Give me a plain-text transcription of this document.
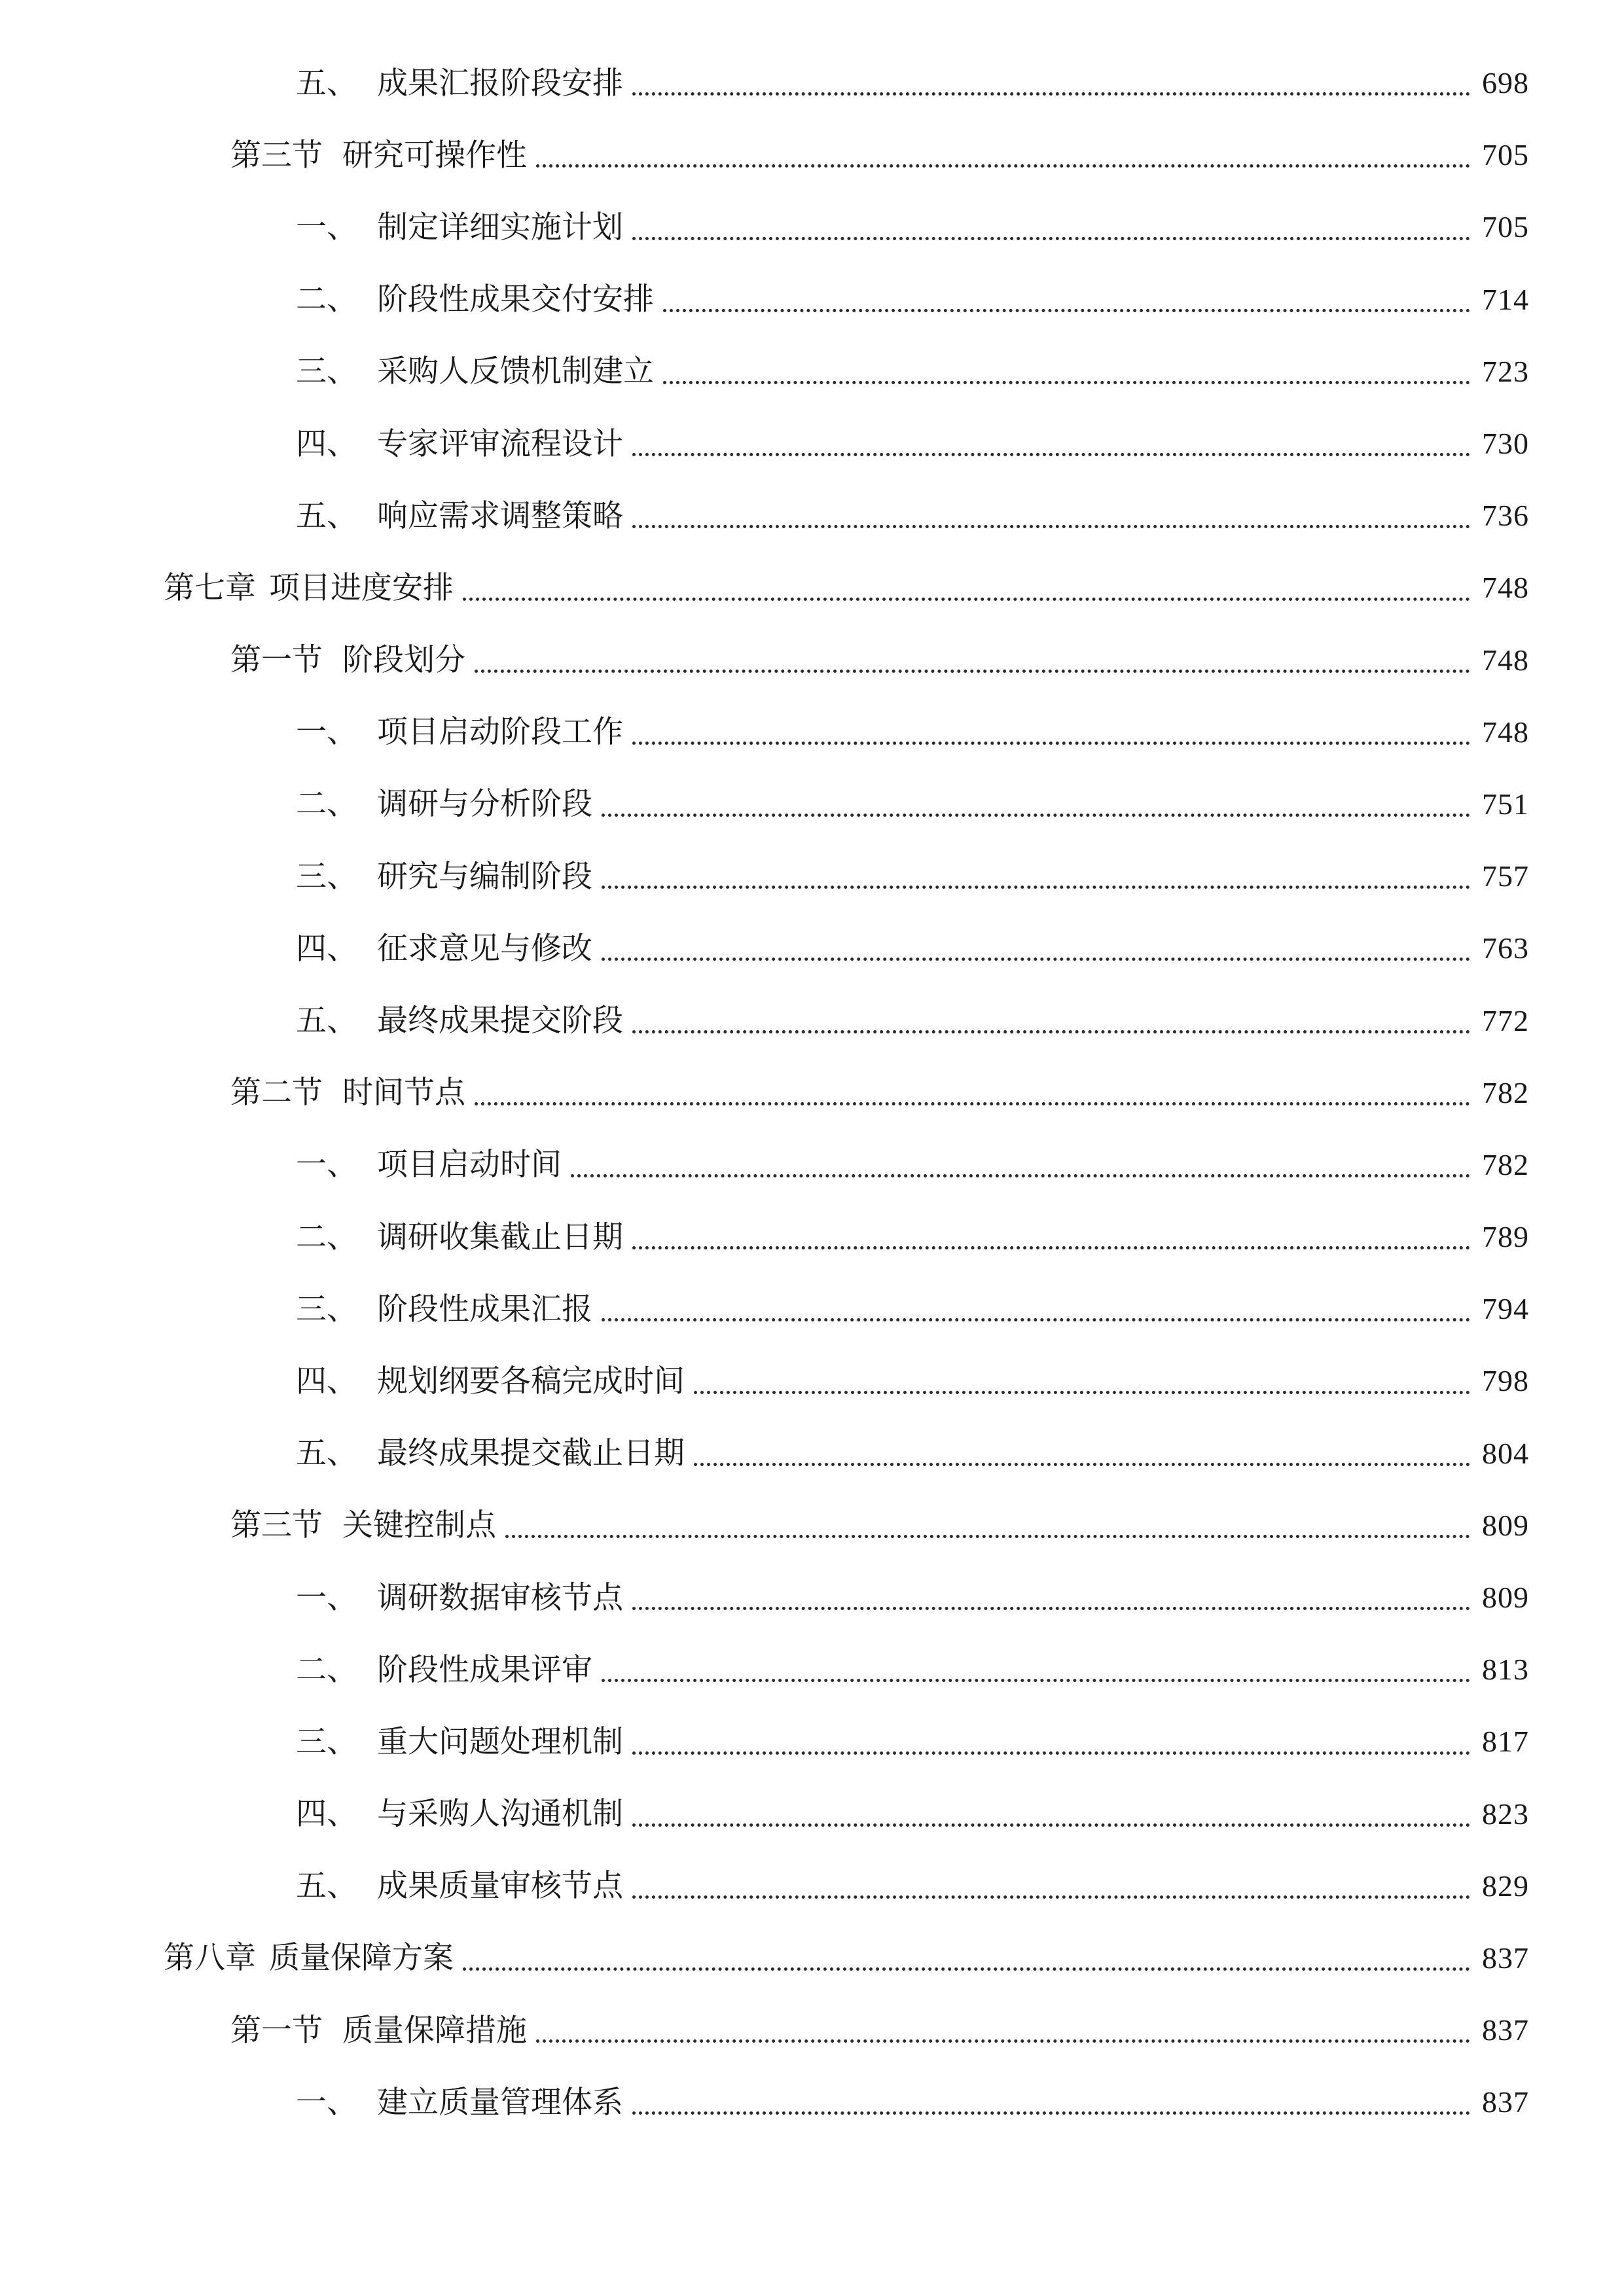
五、 成果汇报阶段安排	698
第三节 研究可操作性	705
一、 制定详细实施计划	705
二、 阶段性成果交付安排	714
三、 采购人反馈机制建立	723
四、 专家评审流程设计	730
五、 响应需求调整策略	736
第七章 项目进度安排	748
第一节 阶段划分	748
一、 项目启动阶段工作	748
二、 调研与分析阶段	751
三、 研究与编制阶段	757
四、 征求意见与修改	763
五、 最终成果提交阶段	772
第二节 时间节点	782
一、 项目启动时间	782
二、 调研收集截止日期	789
三、 阶段性成果汇报	794
四、 规划纲要各稿完成时间	798
五、 最终成果提交截止日期	804
第三节 关键控制点	809
一、 调研数据审核节点	809
二、 阶段性成果评审	813
三、 重大问题处理机制	817
四、 与采购人沟通机制	823
五、 成果质量审核节点	829
第八章 质量保障方案	837
第一节 质量保障措施	837
一、 建立质量管理体系	837
